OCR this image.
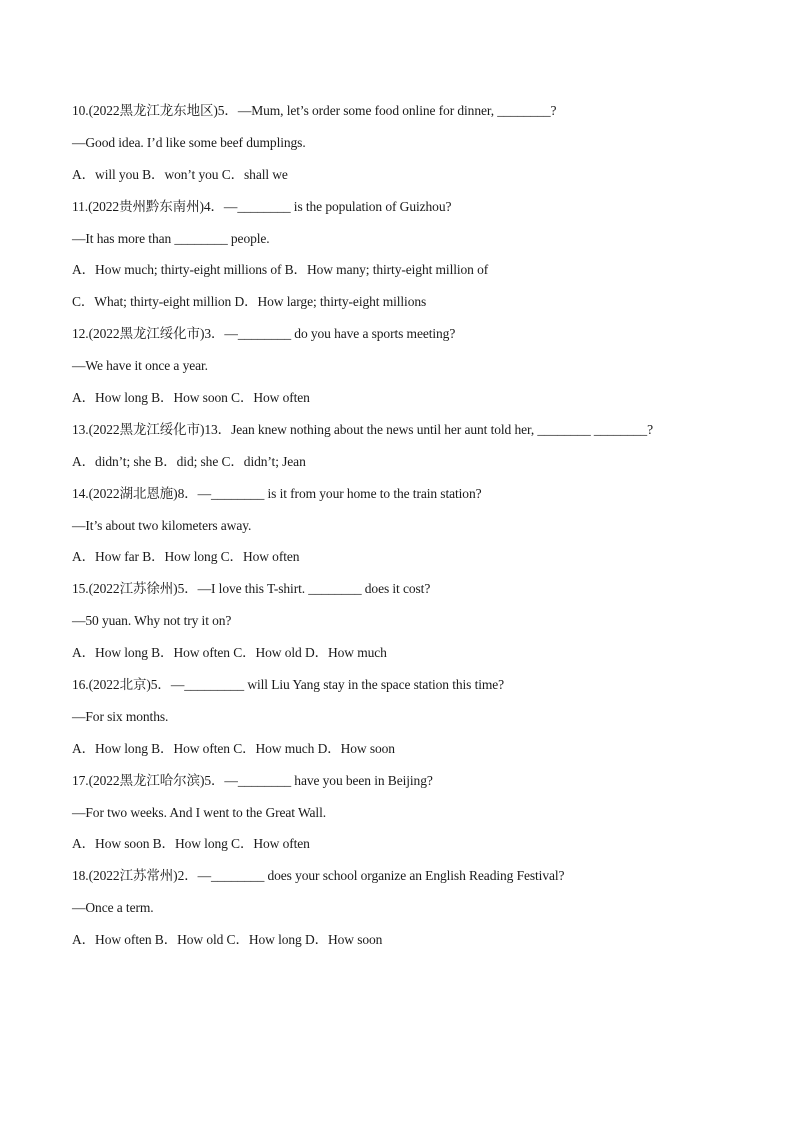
10.(2022黑龙江龙东地区)5．—Mum, let’s order some food online for dinner, ________?
—Good idea. I’d like some beef dumplings.
A．will you B．won’t you C．shall we
11.(2022贵州黔东南州)4．—________ is the population of Guizhou?
—It has more than ________ people.
A．How much; thirty-eight millions of B．How many; thirty-eight million of
C．What; thirty-eight million D．How large; thirty-eight millions
12.(2022黑龙江绥化市)3．—________ do you have a sports meeting?
—We have it once a year.
A．How long B．How soon C．How often
13.(2022黑龙江绥化市)13．Jean knew nothing about the news until her aunt told her, ________ ________?
A．didn’t; she B．did; she C．didn’t; Jean
14.(2022湖北恩施)8．—________ is it from your home to the train station?
—It’s about two kilometers away.
A．How far B．How long C．How often
15.(2022江苏徐州)5．—I love this T-shirt. ________ does it cost?
—50 yuan. Why not try it on?
A．How long B．How often C．How old D．How much
16.(2022北京)5．—_________ will Liu Yang stay in the space station this time?
—For six months.
A．How long B．How often C．How much D．How soon
17.(2022黑龙江哈尔滨)5．—________ have you been in Beijing?
—For two weeks. And I went to the Great Wall.
A．How soon B．How long C．How often
18.(2022江苏常州)2．—________ does your school organize an English Reading Festival?
—Once a term.
A．How often B．How old C．How long D．How soon
